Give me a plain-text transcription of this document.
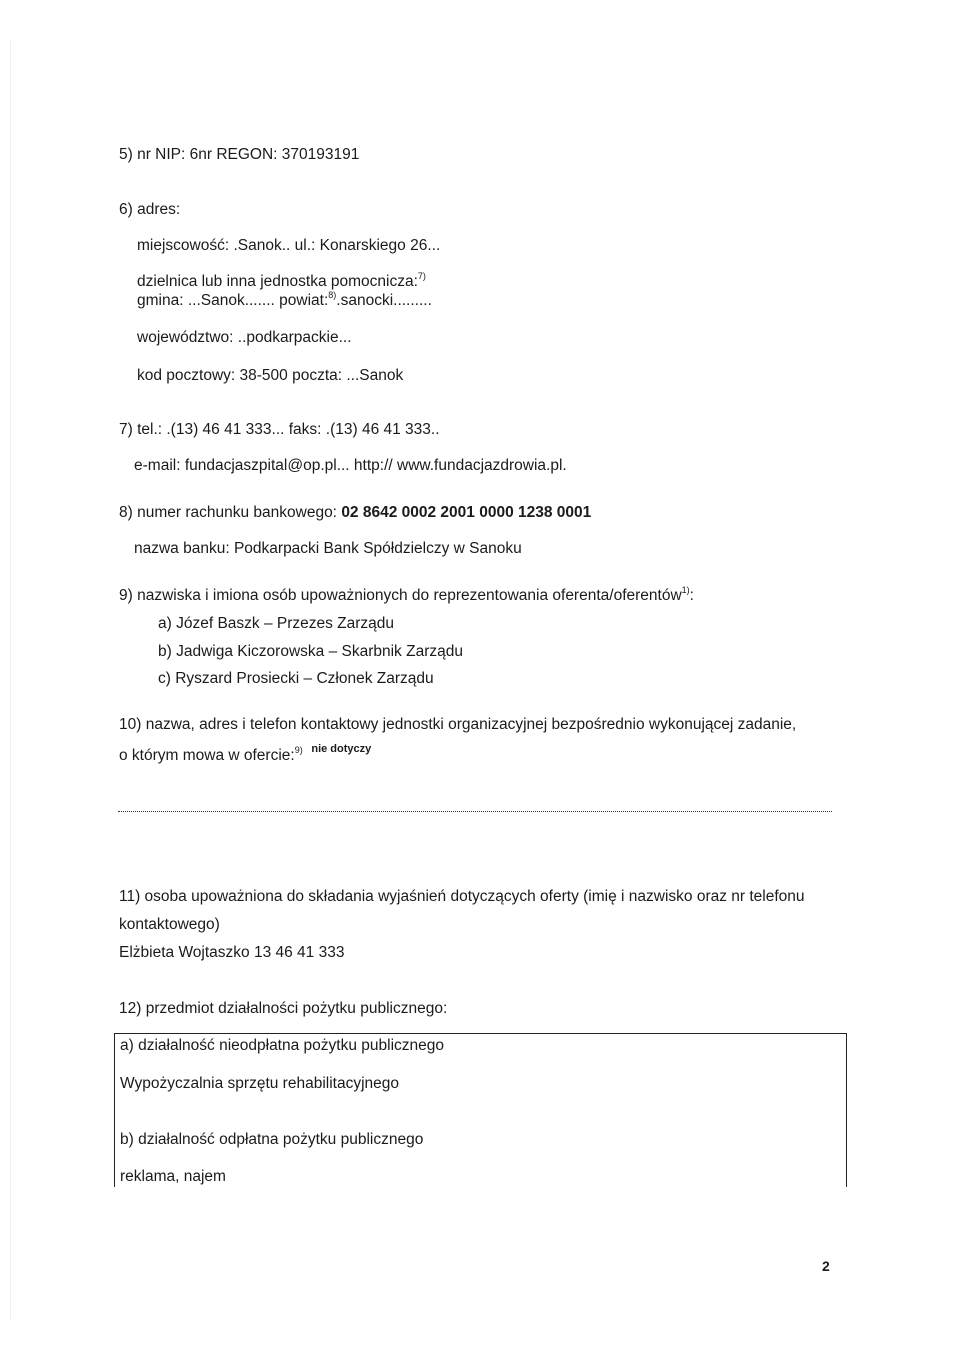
5) nr NIP: 6nr REGON: 370193191
6) adres:
miejscowość: .Sanok.. ul.: Konarskiego 26...
dzielnica lub inna jednostka pomocnicza:$^{7)}$
gmina: ...Sanok....... powiat:$^{8)}$.sanocki.........
województwo: ..podkarpackie...
kod pocztowy: 38-500 poczta: ...Sanok
7) tel.: .(13) 46 41 333... faks: .(13) 46 41 333..
e-mail: fundacjaszpital@op.pl... http:// www.fundacjazdrowia.pl.
8) numer rachunku bankowego: 02 8642 0002 2001 0000 1238 0001
nazwa banku: Podkarpacki Bank Spółdzielczy w Sanoku
9) nazwiska i imiona osób upoważnionych do reprezentowania oferenta/oferentów$^{1)}$:
a) Józef Baszk – Przezes Zarządu
b) Jadwiga Kiczorowska – Skarbnik Zarządu
c) Ryszard Prosiecki – Członek Zarządu
10) nazwa, adres i telefon kontaktowy jednostki organizacyjnej bezpośrednio wykonującej zadanie,
o którym mowa w ofercie:$^{9)}$ $^{nie dotyczy}$
11) osoba upoważniona do składania wyjaśnień dotyczących oferty (imię i nazwisko oraz nr telefonu
kontaktowego)
Elżbieta Wojtaszko 13 46 41 333
12) przedmiot działalności pożytku publicznego:
a) działalność nieodpłatna pożytku publicznego
Wypożyczalnia sprzętu rehabilitacyjnego
b) działalność odpłatna pożytku publicznego
reklama, najem
2
